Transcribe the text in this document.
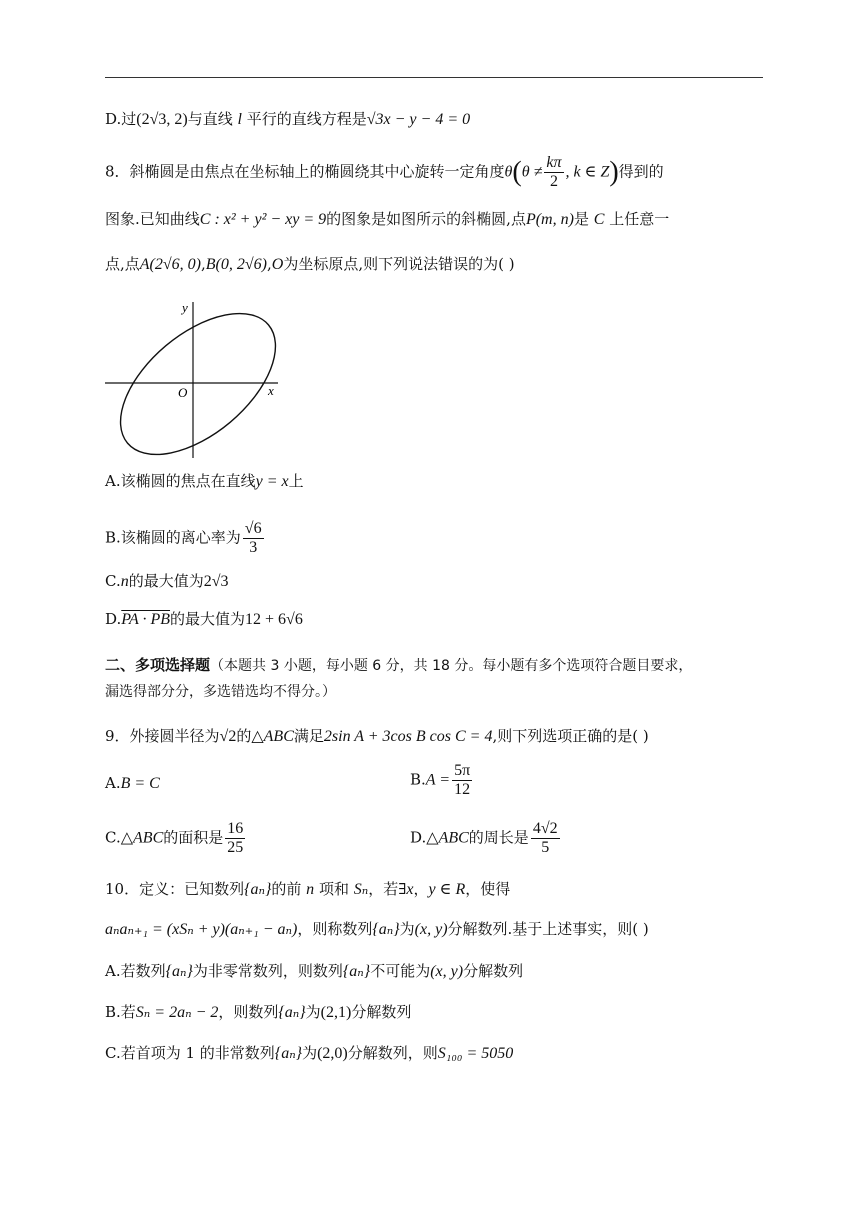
D.过(2√3, 2)与直线 l 平行的直线方程是√3x − y − 4 = 0
8．斜椭圆是由焦点在坐标轴上的椭圆绕其中心旋转一定角度$\theta(\theta \ne \frac{k\pi}{2}$ , k ∈ Z)得到的
图象.已知曲线C : x² + y² − xy = 9的图象是如图所示的斜椭圆,点P(m, n)是 C 上任意一
点,点A(2√6, 0),B(0, 2√6),O为坐标原点,则下列说法错误的为( )
y
x
O
A.该椭圆的焦点在直线y = x上
B.该椭圆的离心率为 $\frac{√6}{3}$
C.n的最大值为2√3
D.PA · PB的最大值为12 + 6√6
二、多项选择题（本题共 3 小题，每小题 6 分，共 18 分。每小题有多个选项符合题目要求，
漏选得部分分，多选错选均不得分。）
9．外接圆半径为√2的△ABC满足2sin A + 3cos B cos C = 4,则下列选项正确的是( )
A.B = C	$B.A = \frac{5\pi}{12}$
C.△ABC的面积是 $\frac{16}{25}$	D.△ABC的周长是 $\frac{4√2}{5}$
10．定义：已知数列{aₙ}的前 n 项和 Sₙ，若∃x，y ∈ R，使得
aₙaₙ₊₁ = (xSₙ + y)(aₙ₊₁ − aₙ)，则称数列{aₙ}为(x, y)分解数列.基于上述事实，则( )
A.若数列{aₙ}为非零常数列，则数列{aₙ}不可能为(x, y)分解数列
B.若Sₙ = 2aₙ − 2，则数列{aₙ}为(2,1)分解数列
C.若首项为 1 的非常数列{aₙ}为(2,0)分解数列，则S₁₀₀ = 5050
